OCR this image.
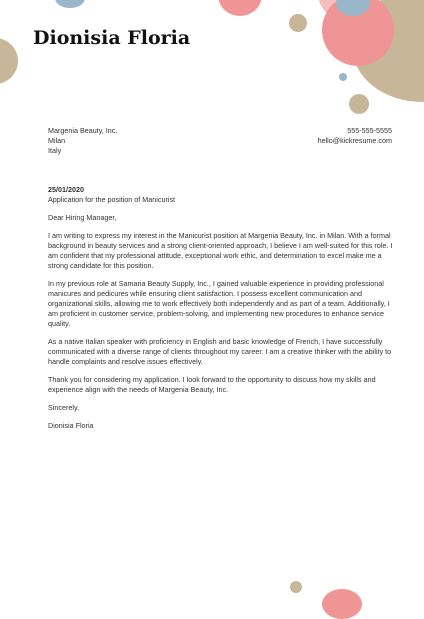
Dionisia Floria
Margenia Beauty, Inc.
Milan
Italy
555-555-5555
hello@kickresume.com

25/01/2020

Application for the position of Manicurist

Dear Hiring Manager,

I am writing to express my interest in the Manicurist position at Margenia Beauty, Inc. in Milan. With a formal background in beauty services and a strong client-oriented approach, I believe I am well-suited for this role. I am confident that my professional attitude, exceptional work ethic, and determination to excel make me a strong candidate for this position.

In my previous role at Samaria Beauty Supply, Inc., I gained valuable experience in providing professional manicures and pedicures while ensuring client satisfaction. I possess excellent communication and organizational skills, allowing me to work effectively both independently and as part of a team. Additionally, I am proficient in customer service, problem-solving, and implementing new procedures to enhance service quality.

As a native Italian speaker with proficiency in English and basic knowledge of French, I have successfully communicated with a diverse range of clients throughout my career. I am a creative thinker with the ability to handle complaints and resolve issues effectively.

Thank you for considering my application. I look forward to the opportunity to discuss how my skills and experience align with the needs of Margenia Beauty, Inc.

Sincerely,

Dionisia Floria
